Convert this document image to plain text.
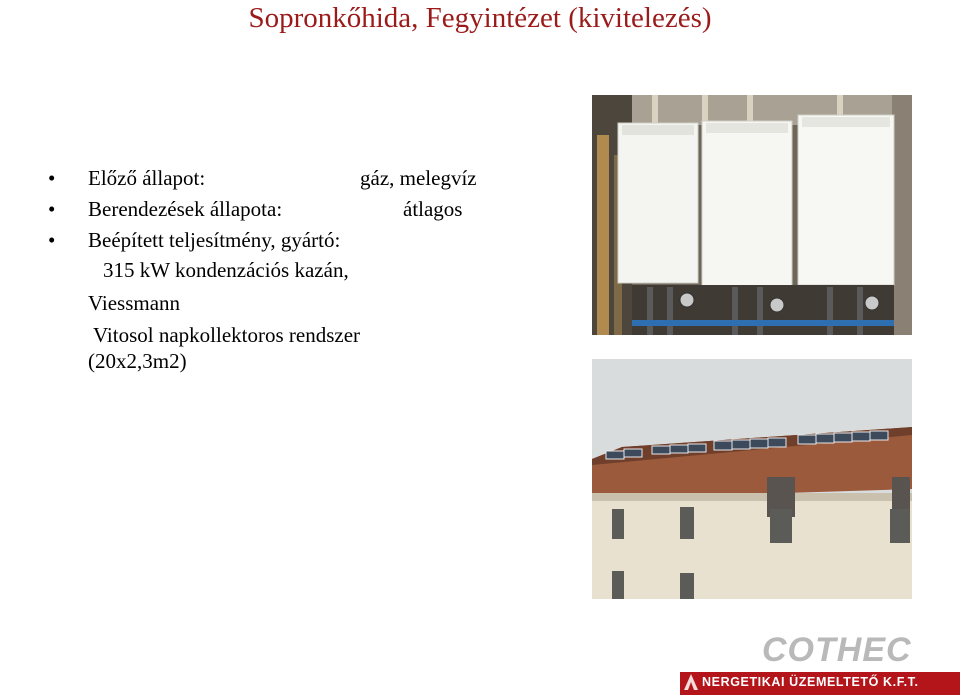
Sopronkőhida, Fegyintézet (kivitelezés)
•	Előző állapot:	gáz, melegvíz
•	Berendezések állapota:	átlagos
•	Beépített teljesítmény, gyártó:
315 kW kondenzációs kazán,
Viessmann
Vitosol napkollektoros rendszer
(20x2,3m2)
COTHEC
NERGETIKAI ÜZEMELTETŐ K.F.T.
